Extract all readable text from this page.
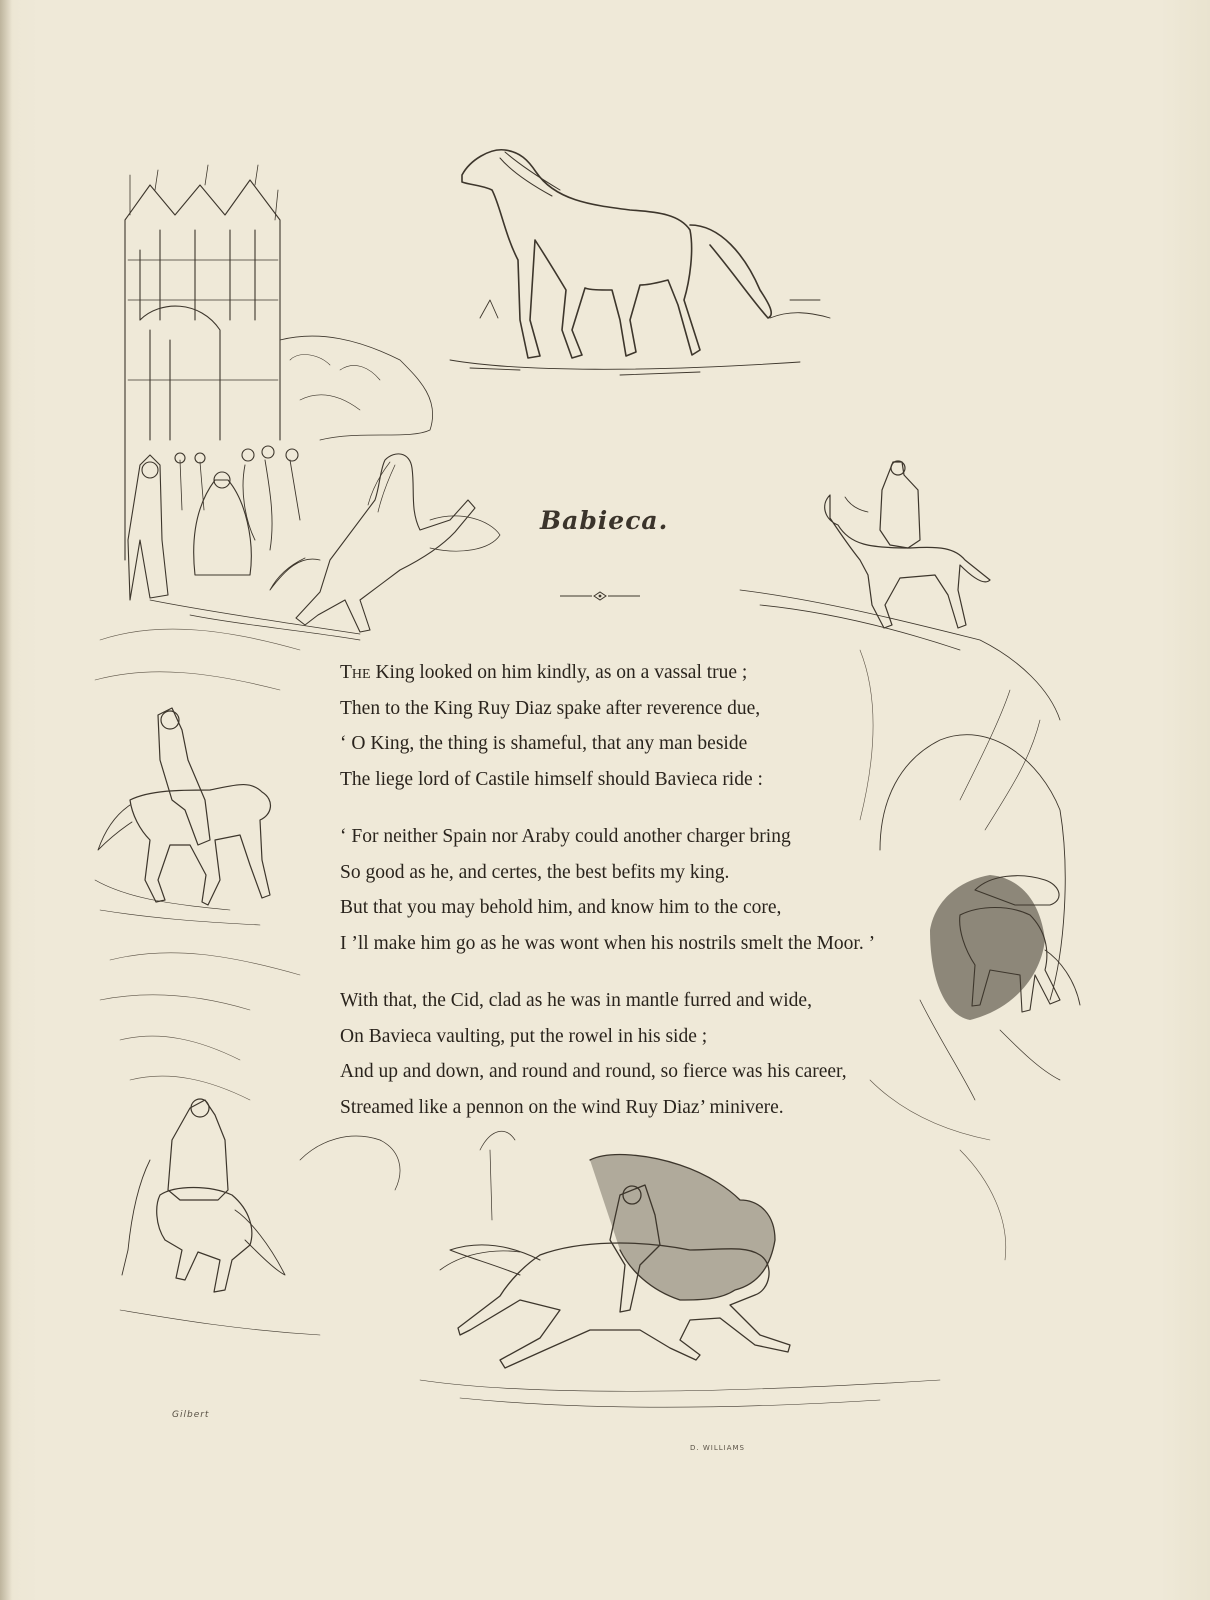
Babieca.
The King looked on him kindly, as on a vassal true ;
Then to the King Ruy Diaz spake after reverence due,
‘ O King, the thing is shameful, that any man beside
The liege lord of Castile himself should Bavieca ride :
‘ For neither Spain nor Araby could another charger bring
So good as he, and certes, the best befits my king.
But that you may behold him, and know him to the core,
I ’ll make him go as he was wont when his nostrils smelt the Moor. ’
With that, the Cid, clad as he was in mantle furred and wide,
On Bavieca vaulting, put the rowel in his side ;
And up and down, and round and round, so fierce was his career,
Streamed like a pennon on the wind Ruy Diaz’ minivere.
Gilbert
D. WILLIAMS
